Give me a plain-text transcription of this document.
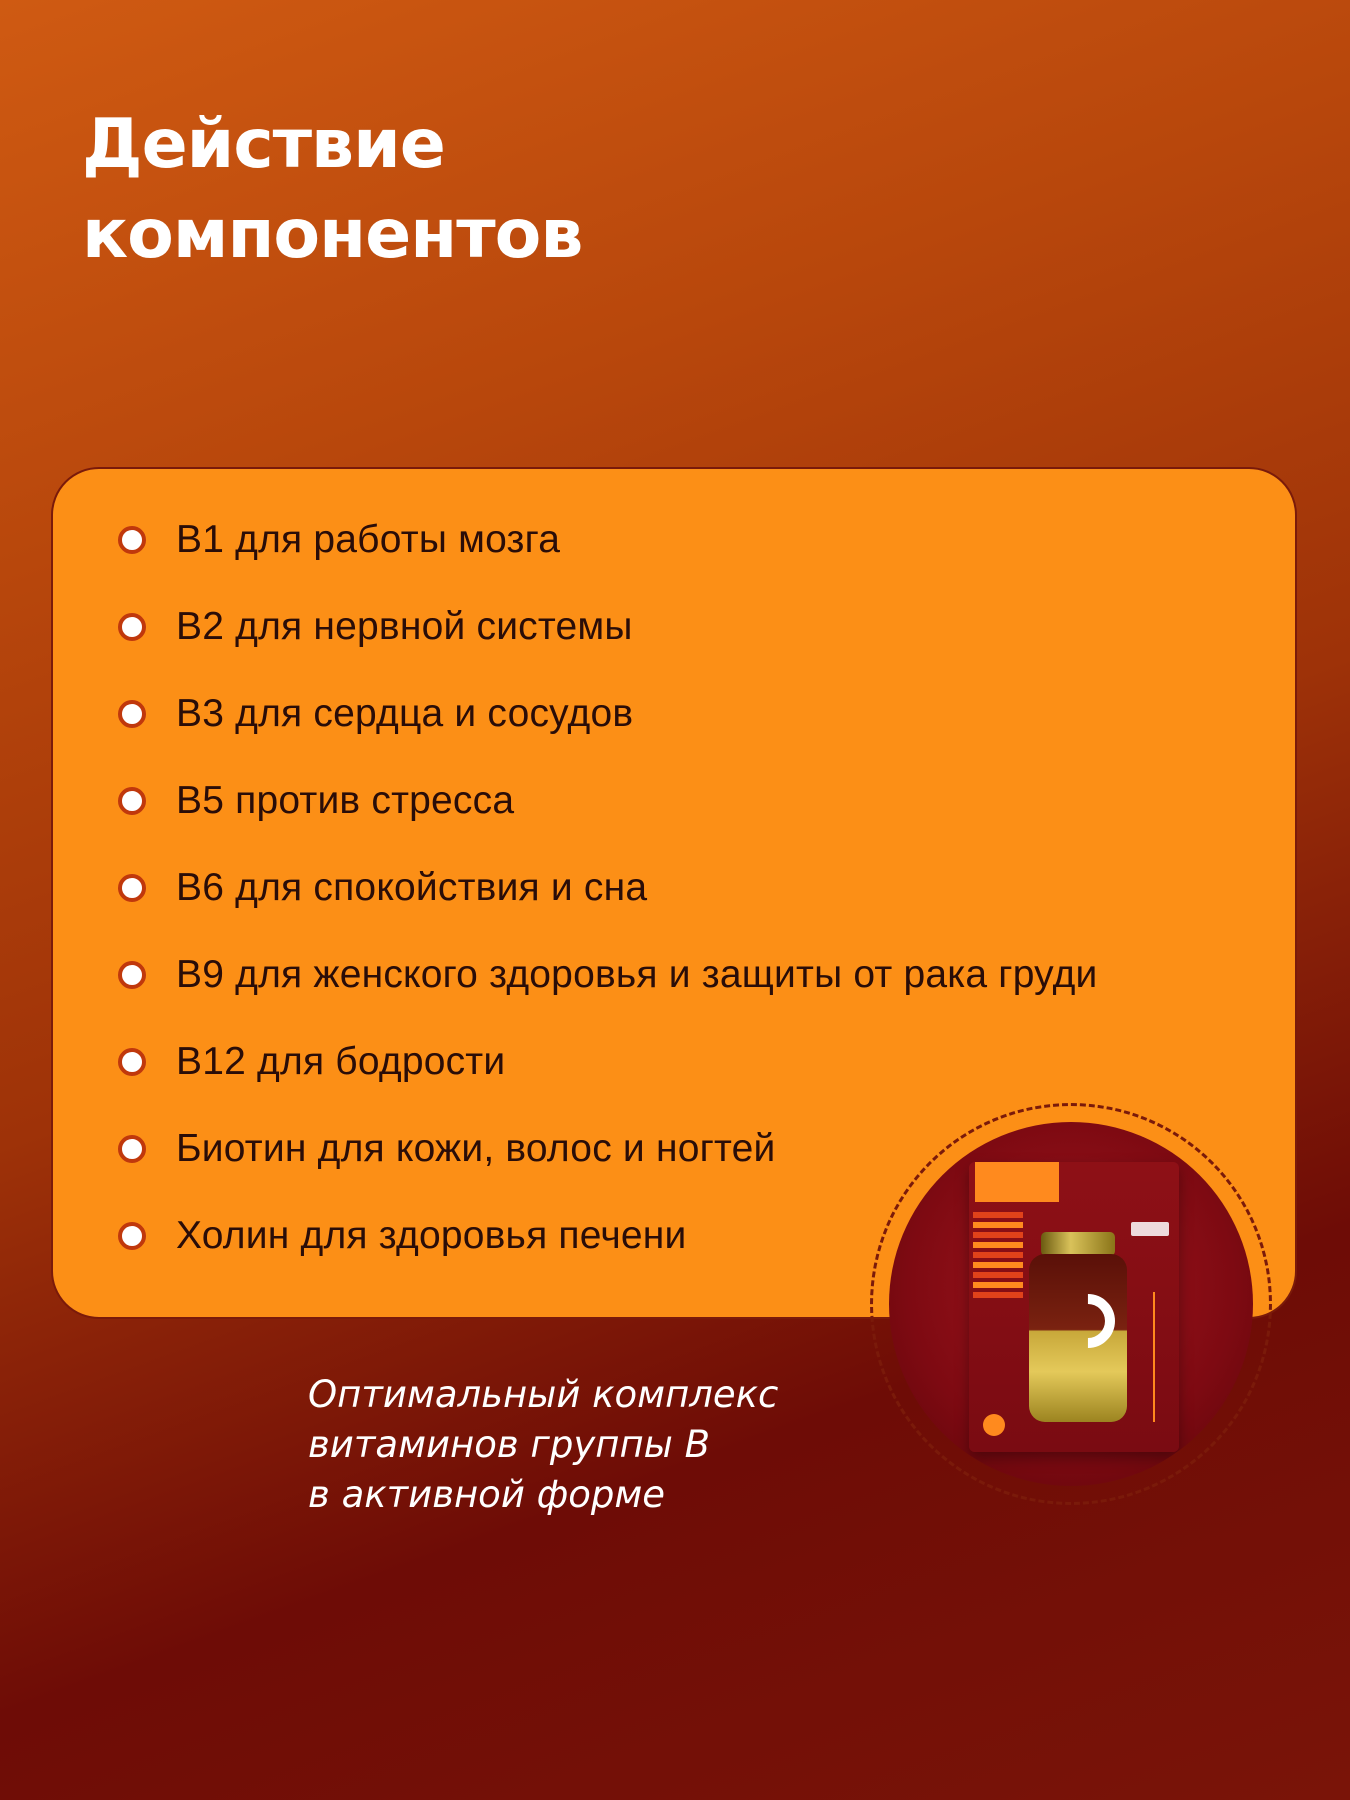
Действие
компонентов
B1 для работы мозга
B2 для нервной системы
B3 для сердца и сосудов
B5 против стресса
B6 для спокойствия и сна
B9 для женского здоровья и защиты от рака груди
B12 для бодрости
Биотин для кожи, волос и ногтей
Холин для здоровья печени

Оптимальный комплекс
витаминов группы В
в активной форме
